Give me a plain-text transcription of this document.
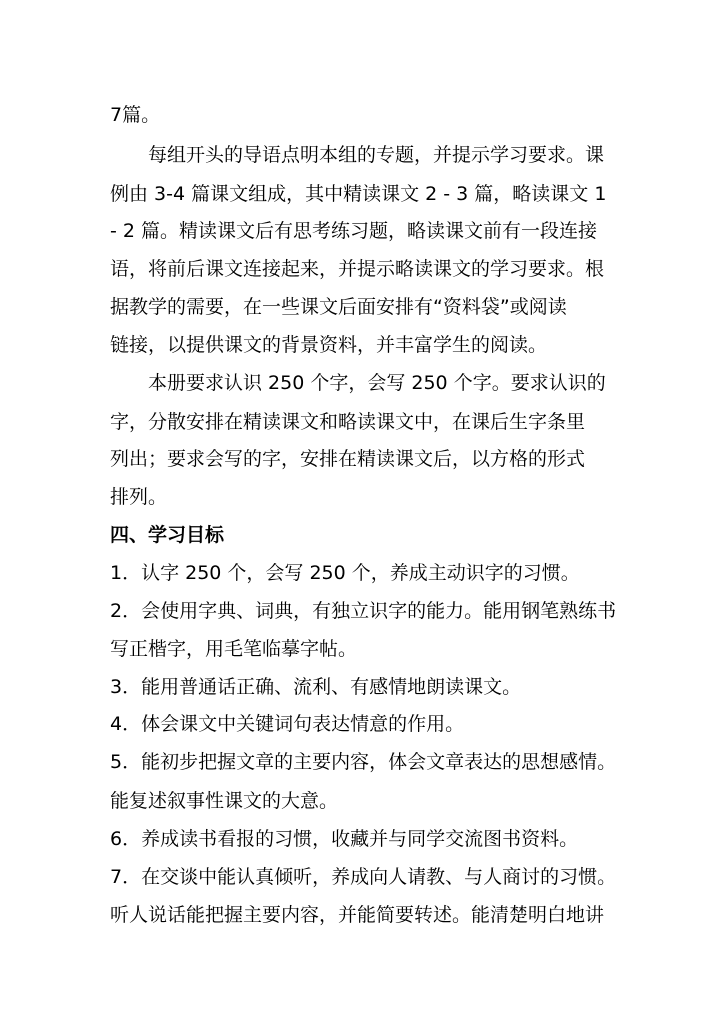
7篇。
每组开头的导语点明本组的专题，并提示学习要求。课
例由 3-4 篇课文组成，其中精读课文 2 - 3 篇，略读课文 1
- 2 篇。精读课文后有思考练习题，略读课文前有一段连接
语，将前后课文连接起来，并提示略读课文的学习要求。根
据教学的需要，在一些课文后面安排有“资料袋”或阅读
链接，以提供课文的背景资料，并丰富学生的阅读。
本册要求认识 250 个字，会写 250 个字。要求认识的
字，分散安排在精读课文和略读课文中，在课后生字条里
列出；要求会写的字，安排在精读课文后，以方格的形式
排列。
四、学习目标
1．认字 250 个，会写 250 个，养成主动识字的习惯。
2．会使用字典、词典，有独立识字的能力。能用钢笔熟练书
写正楷字，用毛笔临摹字帖。
3．能用普通话正确、流利、有感情地朗读课文。
4．体会课文中关键词句表达情意的作用。
5．能初步把握文章的主要内容，体会文章表达的思想感情。
能复述叙事性课文的大意。
6．养成读书看报的习惯，收藏并与同学交流图书资料。
7．在交谈中能认真倾听，养成向人请教、与人商讨的习惯。
听人说话能把握主要内容，并能简要转述。能清楚明白地讲
